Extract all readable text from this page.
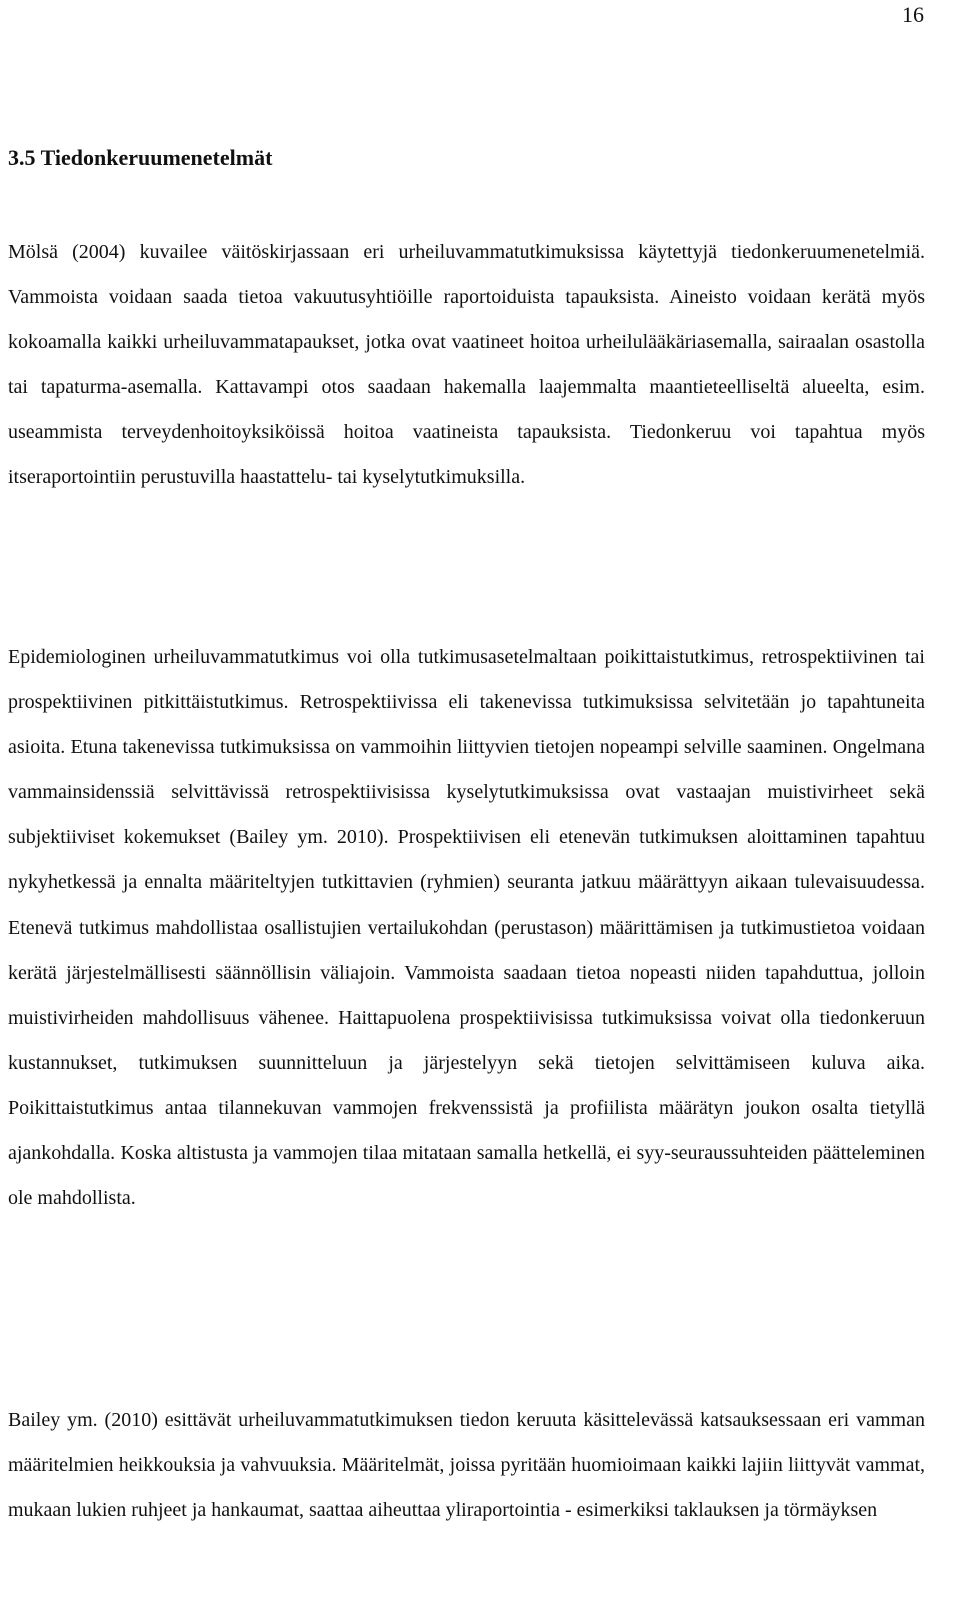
16
3.5 Tiedonkeruumenetelmät

Mölsä (2004) kuvailee väitöskirjassaan eri urheiluvammatutkimuksissa käytettyjä tiedonkeruumenetelmiä. Vammoista voidaan saada tietoa vakuutusyhtiöille raportoiduista tapauksista. Aineisto voidaan kerätä myös kokoamalla kaikki urheiluvammatapaukset, jotka ovat vaatineet hoitoa urheilulääkäriasemalla, sairaalan osastolla tai tapaturma-asemalla. Kattavampi otos saadaan hakemalla laajemmalta maantieteelliseltä alueelta, esim. useammista terveydenhoitoyksiköissä hoitoa vaatineista tapauksista. Tiedonkeruu voi tapahtua myös itseraportointiin perustuvilla haastattelu- tai kyselytutkimuksilla.

Epidemiologinen urheiluvammatutkimus voi olla tutkimusasetelmaltaan poikittaistutkimus, retrospektiivinen tai prospektiivinen pitkittäistutkimus. Retrospektiivissa eli takenevissa tutkimuksissa selvitetään jo tapahtuneita asioita. Etuna takenevissa tutkimuksissa on vammoihin liittyvien tietojen nopeampi selville saaminen. Ongelmana vammainsidenssiä selvittävissä retrospektiivisissa kyselytutkimuksissa ovat vastaajan muistivirheet sekä subjektiiviset kokemukset (Bailey ym. 2010). Prospektiivisen eli etenevän tutkimuksen aloittaminen tapahtuu nykyhetkessä ja ennalta määriteltyjen tutkittavien (ryhmien) seuranta jatkuu määrättyyn aikaan tulevaisuudessa. Etenevä tutkimus mahdollistaa osallistujien vertailukohdan (perustason) määrittämisen ja tutkimustietoa voidaan kerätä järjestelmällisesti säännöllisin väliajoin. Vammoista saadaan tietoa nopeasti niiden tapahduttua, jolloin muistivirheiden mahdollisuus vähenee. Haittapuolena prospektiivisissa tutkimuksissa voivat olla tiedonkeruun kustannukset, tutkimuksen suunnitteluun ja järjestelyyn sekä tietojen selvittämiseen kuluva aika. Poikittaistutkimus antaa tilannekuvan vammojen frekvenssistä ja profiilista määrätyn joukon osalta tietyllä ajankohdalla. Koska altistusta ja vammojen tilaa mitataan samalla hetkellä, ei syy-seuraussuhteiden päätteleminen ole mahdollista.

Bailey ym. (2010) esittävät urheiluvammatutkimuksen tiedon keruuta käsittelevässä katsauksessaan eri vamman määritelmien heikkouksia ja vahvuuksia. Määritelmät, joissa pyritään huomioimaan kaikki lajiin liittyvät vammat, mukaan lukien ruhjeet ja hankaumat, saattaa aiheuttaa yliraportointia - esimerkiksi taklauksen ja törmäyksen
